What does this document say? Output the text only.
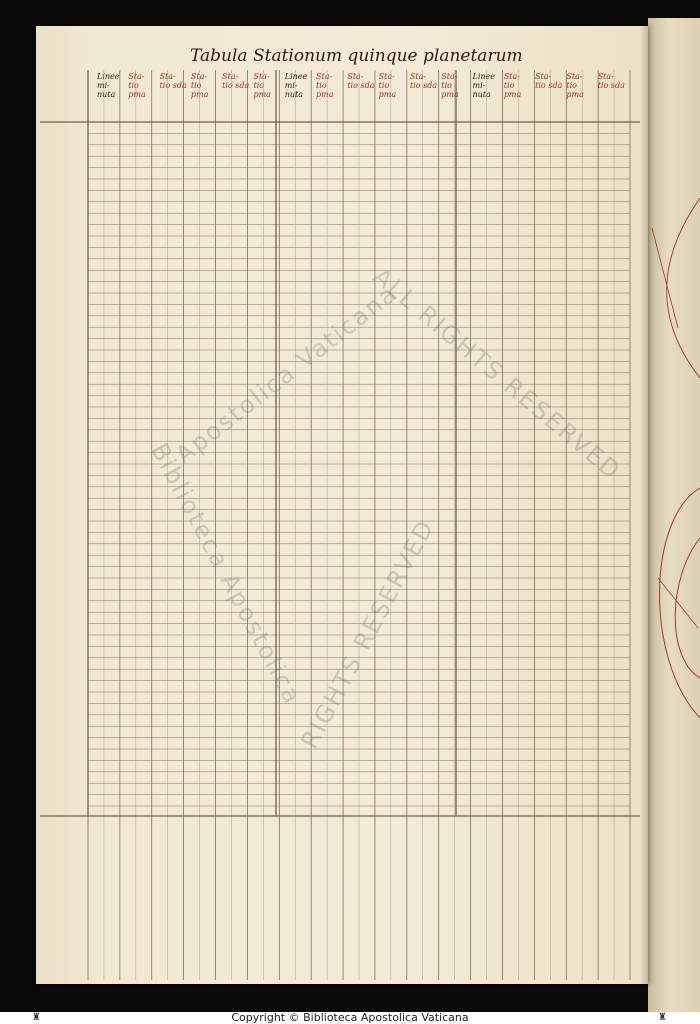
Tabula Stationum quinque planetarum
Linee mi- nuta
Sta- tio pma
Sta- tio sda
Sta- tio pma
Sta- tio sda
Sta- tio pma
Linee mi- nuta
Sta- tio pma
Sta- tio sda
Sta- tio pma
Sta- tio sda
Sta- tio pma
Linee mi- nuta
Sta- tio pma
Sta- tio sda
Sta- tio pma
Sta- tio sda
Apostolica Vaticana
ALL RIGHTS RESERVED
Biblioteca Apostolica
RIGHTS RESERVED
♜	Copyright © Biblioteca Apostolica Vaticana	♜
